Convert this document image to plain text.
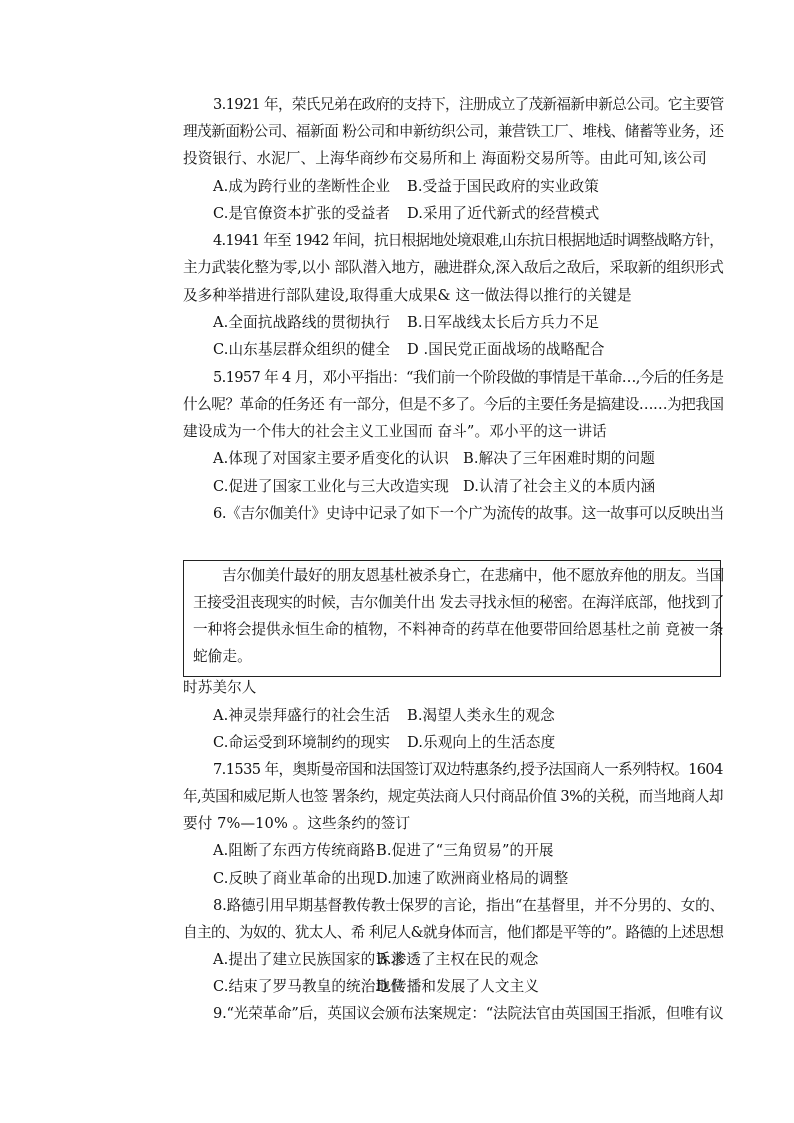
3.1921 年，荣氏兄弟在政府的支持下，注册成立了茂新福新申新总公司。它主要管
理茂新面粉公司、福新面 粉公司和申新纺织公司，兼营铁工厂、堆栈、储蓄等业务，还
投资银行、水泥厂、上海华商纱布交易所和上 海面粉交易所等。由此可知,该公司
A.成为跨行业的垄断性企业 B.受益于国民政府的实业政策
C.是官僚资本扩张的受益者 D.采用了近代新式的经营模式
4.1941 年至 1942 年间，抗日根据地处境艰难,山东抗日根据地适时调整战略方针，
主力武装化整为零,以小 部队潜入地方，融进群众,深入敌后之敌后，采取新的组织形式
及多种举措进行部队建设,取得重大成果& 这一做法得以推行的关键是
A.全面抗战路线的贯彻执行 B.日军战线太长后方兵力不足
C.山东基层群众组织的健全 D .国民党正面战场的战略配合
5.1957 年 4 月，邓小平指出：“我们前一个阶段做的事情是干革命…,今后的任务是
什么呢？革命的任务还 有一部分，但是不多了。今后的主要任务是搞建设……为把我国
建设成为一个伟大的社会主义工业国而 奋斗”。邓小平的这一讲话
A.体现了对国家主要矛盾变化的认识 B.解决了三年困难时期的问题
C.促进了国家工业化与三大改造实现 D.认清了社会主义的本质内涵
6.《吉尔伽美什》史诗中记录了如下一个广为流传的故事。这一故事可以反映出当
吉尔伽美什最好的朋友恩基杜被杀身亡，在悲痛中，他不愿放弃他的朋友。当国
王接受沮丧现实的时候，吉尔伽美什出 发去寻找永恒的秘密。在海洋底部，他找到了
一种将会提供永恒生命的植物，不料神奇的药草在他要带回给恩基杜之前 竟被一条
蛇偷走。
时苏美尔人
A.神灵崇拜盛行的社会生活 B.渴望人类永生的观念
C.命运受到环境制约的现实 D.乐观向上的生活态度
7.1535 年，奥斯曼帝国和法国签订双边特惠条约,授予法国商人一系列特权。1604
年,英国和威尼斯人也签 署条约，规定英法商人只付商品价值 3%的关税，而当地商人却
要付 7%—10% 。这些条约的签订
A.阻断了东西方传统商路 B.促进了“三角贸易”的开展
C.反映了商业革命的出现 D.加速了欧洲商业格局的调整
8.路德引用早期基督教传教士保罗的言论，指出“在基督里，并不分男的、女的、
自主的、为奴的、犹太人、希 利尼人&就身体而言，他们都是平等的”。路德的上述思想
A.提出了建立民族国家的诉求
B.渗透了主权在民的观念
C.结束了罗马教皇的统治地位
D.传播和发展了人文主义
9.“光荣革命”后，英国议会颁布法案规定：“法院法官由英国国王指派，但唯有议
